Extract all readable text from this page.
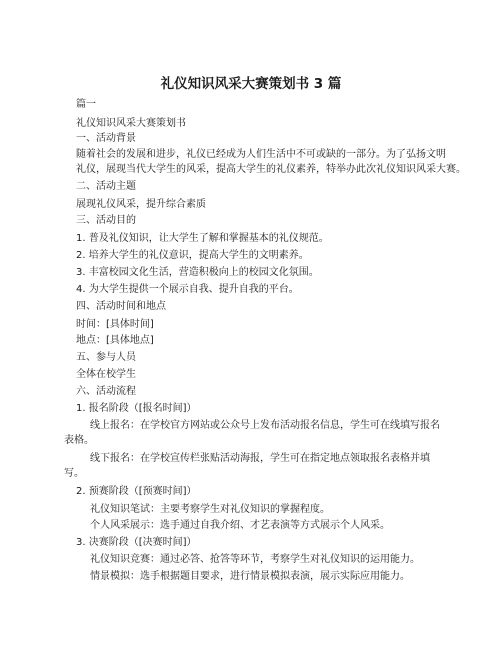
礼仪知识风采大赛策划书 3 篇
篇一
礼仪知识风采大赛策划书
一、活动背景
随着社会的发展和进步，礼仪已经成为人们生活中不可或缺的一部分。为了弘扬文明
礼仪，展现当代大学生的风采，提高大学生的礼仪素养，特举办此次礼仪知识风采大赛。
二、活动主题
展现礼仪风采，提升综合素质
三、活动目的
1. 普及礼仪知识，让大学生了解和掌握基本的礼仪规范。
2. 培养大学生的礼仪意识，提高大学生的文明素养。
3. 丰富校园文化生活，营造积极向上的校园文化氛围。
4. 为大学生提供一个展示自我、提升自我的平台。
四、活动时间和地点
时间：[具体时间]
地点：[具体地点]
五、参与人员
全体在校学生
六、活动流程
1. 报名阶段（[报名时间]）
线上报名：在学校官方网站或公众号上发布活动报名信息，学生可在线填写报名
表格。
线下报名：在学校宣传栏张贴活动海报，学生可在指定地点领取报名表格并填
写。
2. 预赛阶段（[预赛时间]）
礼仪知识笔试：主要考察学生对礼仪知识的掌握程度。
个人风采展示：选手通过自我介绍、才艺表演等方式展示个人风采。
3. 决赛阶段（[决赛时间]）
礼仪知识竞赛：通过必答、抢答等环节，考察学生对礼仪知识的运用能力。
情景模拟：选手根据题目要求，进行情景模拟表演，展示实际应用能力。
